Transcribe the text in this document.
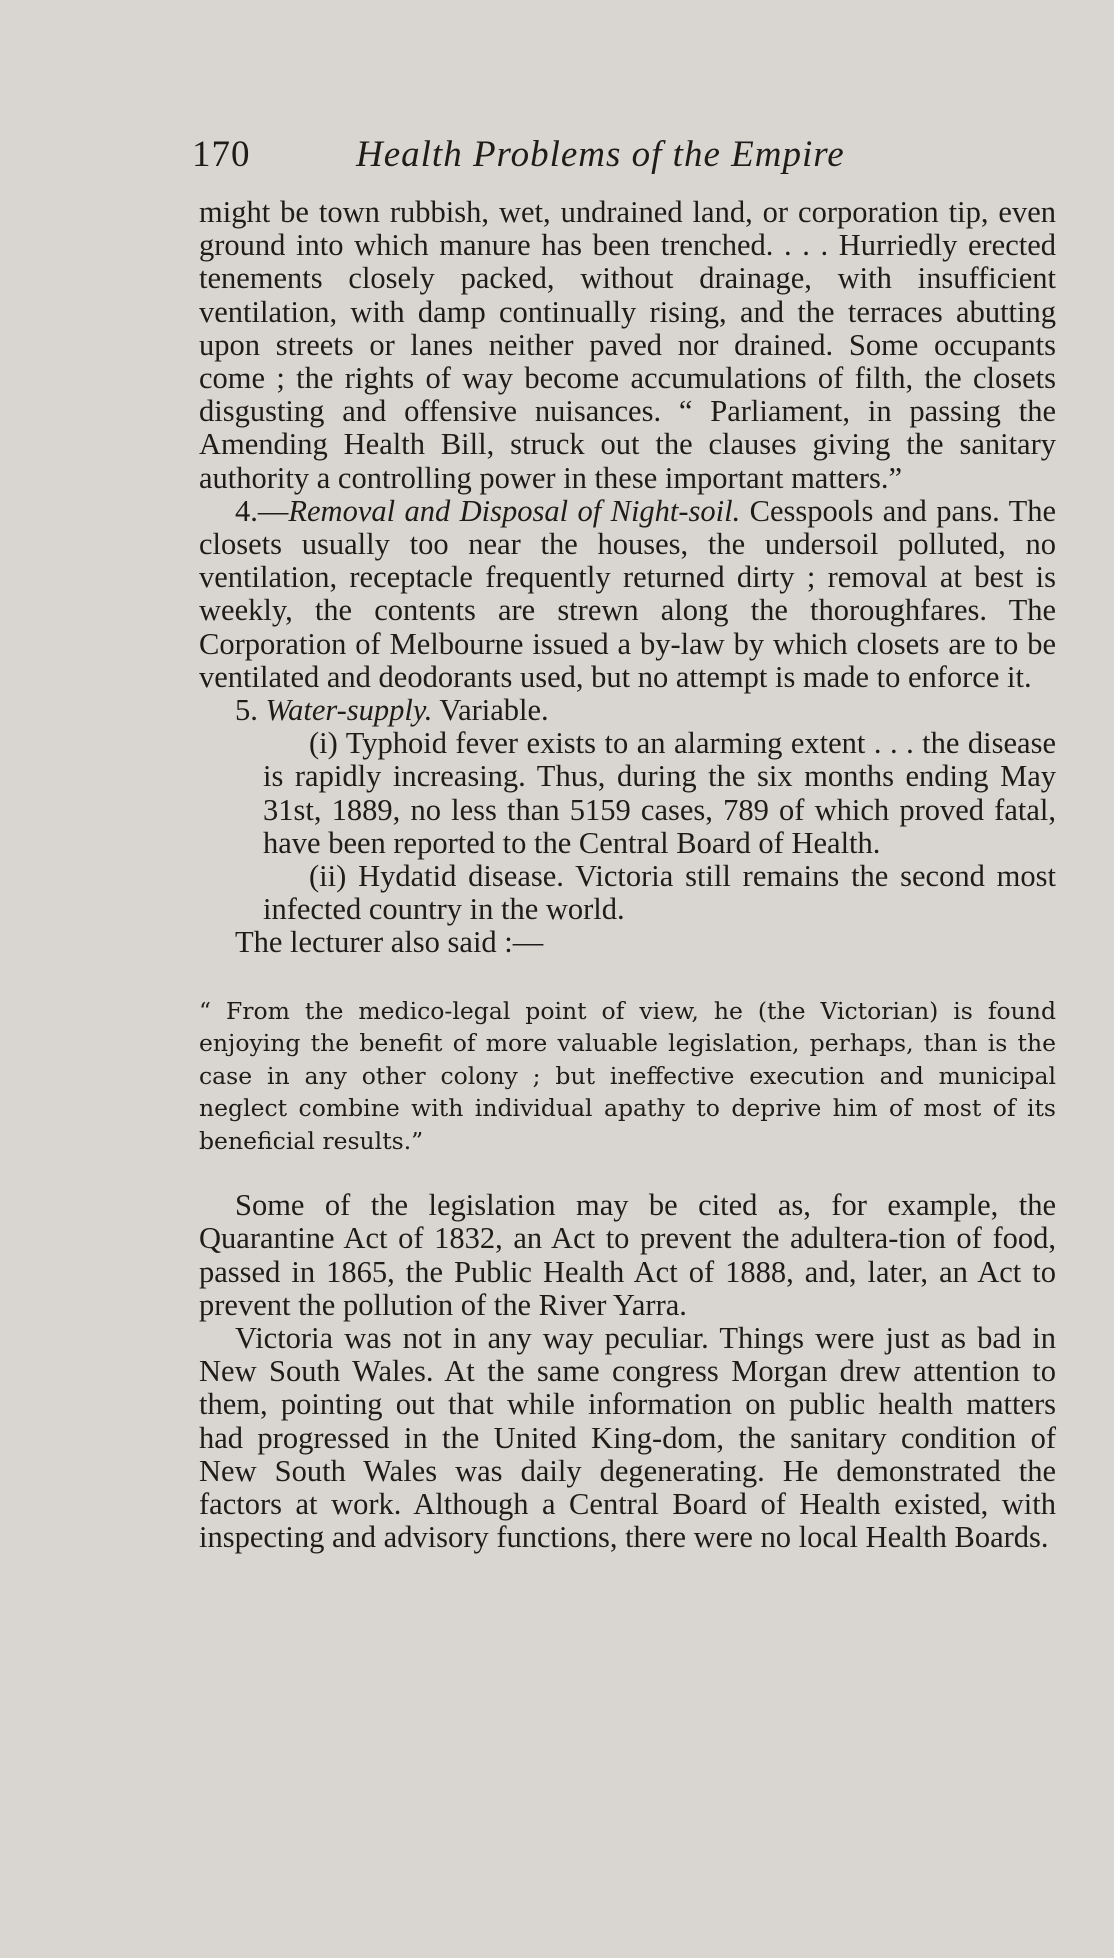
170	Health Problems of the Empire

might be town rubbish, wet, undrained land, or corporation tip, even ground into which manure has been trenched. . . . Hurriedly erected tenements closely packed, without drainage, with insufficient ventilation, with damp continually rising, and the terraces abutting upon streets or lanes neither paved nor drained. Some occupants come ; the rights of way become accumulations of filth, the closets disgusting and offensive nuisances. “ Parliament, in passing the Amending Health Bill, struck out the clauses giving the sanitary authority a controlling power in these important matters.”

4.—Removal and Disposal of Night-soil. Cesspools and pans. The closets usually too near the houses, the undersoil polluted, no ventilation, receptacle frequently returned dirty ; removal at best is weekly, the contents are strewn along the thoroughfares. The Corporation of Melbourne issued a by-law by which closets are to be ventilated and deodorants used, but no attempt is made to enforce it.

5. Water-supply. Variable.

(i) Typhoid fever exists to an alarming extent . . . the disease is rapidly increasing. Thus, during the six months ending May 31st, 1889, no less than 5159 cases, 789 of which proved fatal, have been reported to the Central Board of Health.

(ii) Hydatid disease. Victoria still remains the second most infected country in the world.

The lecturer also said :—

“ From the medico-legal point of view, he (the Victorian) is found enjoying the benefit of more valuable legislation, perhaps, than is the case in any other colony ; but ineffective execution and municipal neglect combine with individual apathy to deprive him of most of its beneficial results.”

Some of the legislation may be cited as, for example, the Quarantine Act of 1832, an Act to prevent the adultera-tion of food, passed in 1865, the Public Health Act of 1888, and, later, an Act to prevent the pollution of the River Yarra.

Victoria was not in any way peculiar. Things were just as bad in New South Wales. At the same congress Morgan drew attention to them, pointing out that while information on public health matters had progressed in the United King-dom, the sanitary condition of New South Wales was daily degenerating. He demonstrated the factors at work. Although a Central Board of Health existed, with inspecting and advisory functions, there were no local Health Boards.
